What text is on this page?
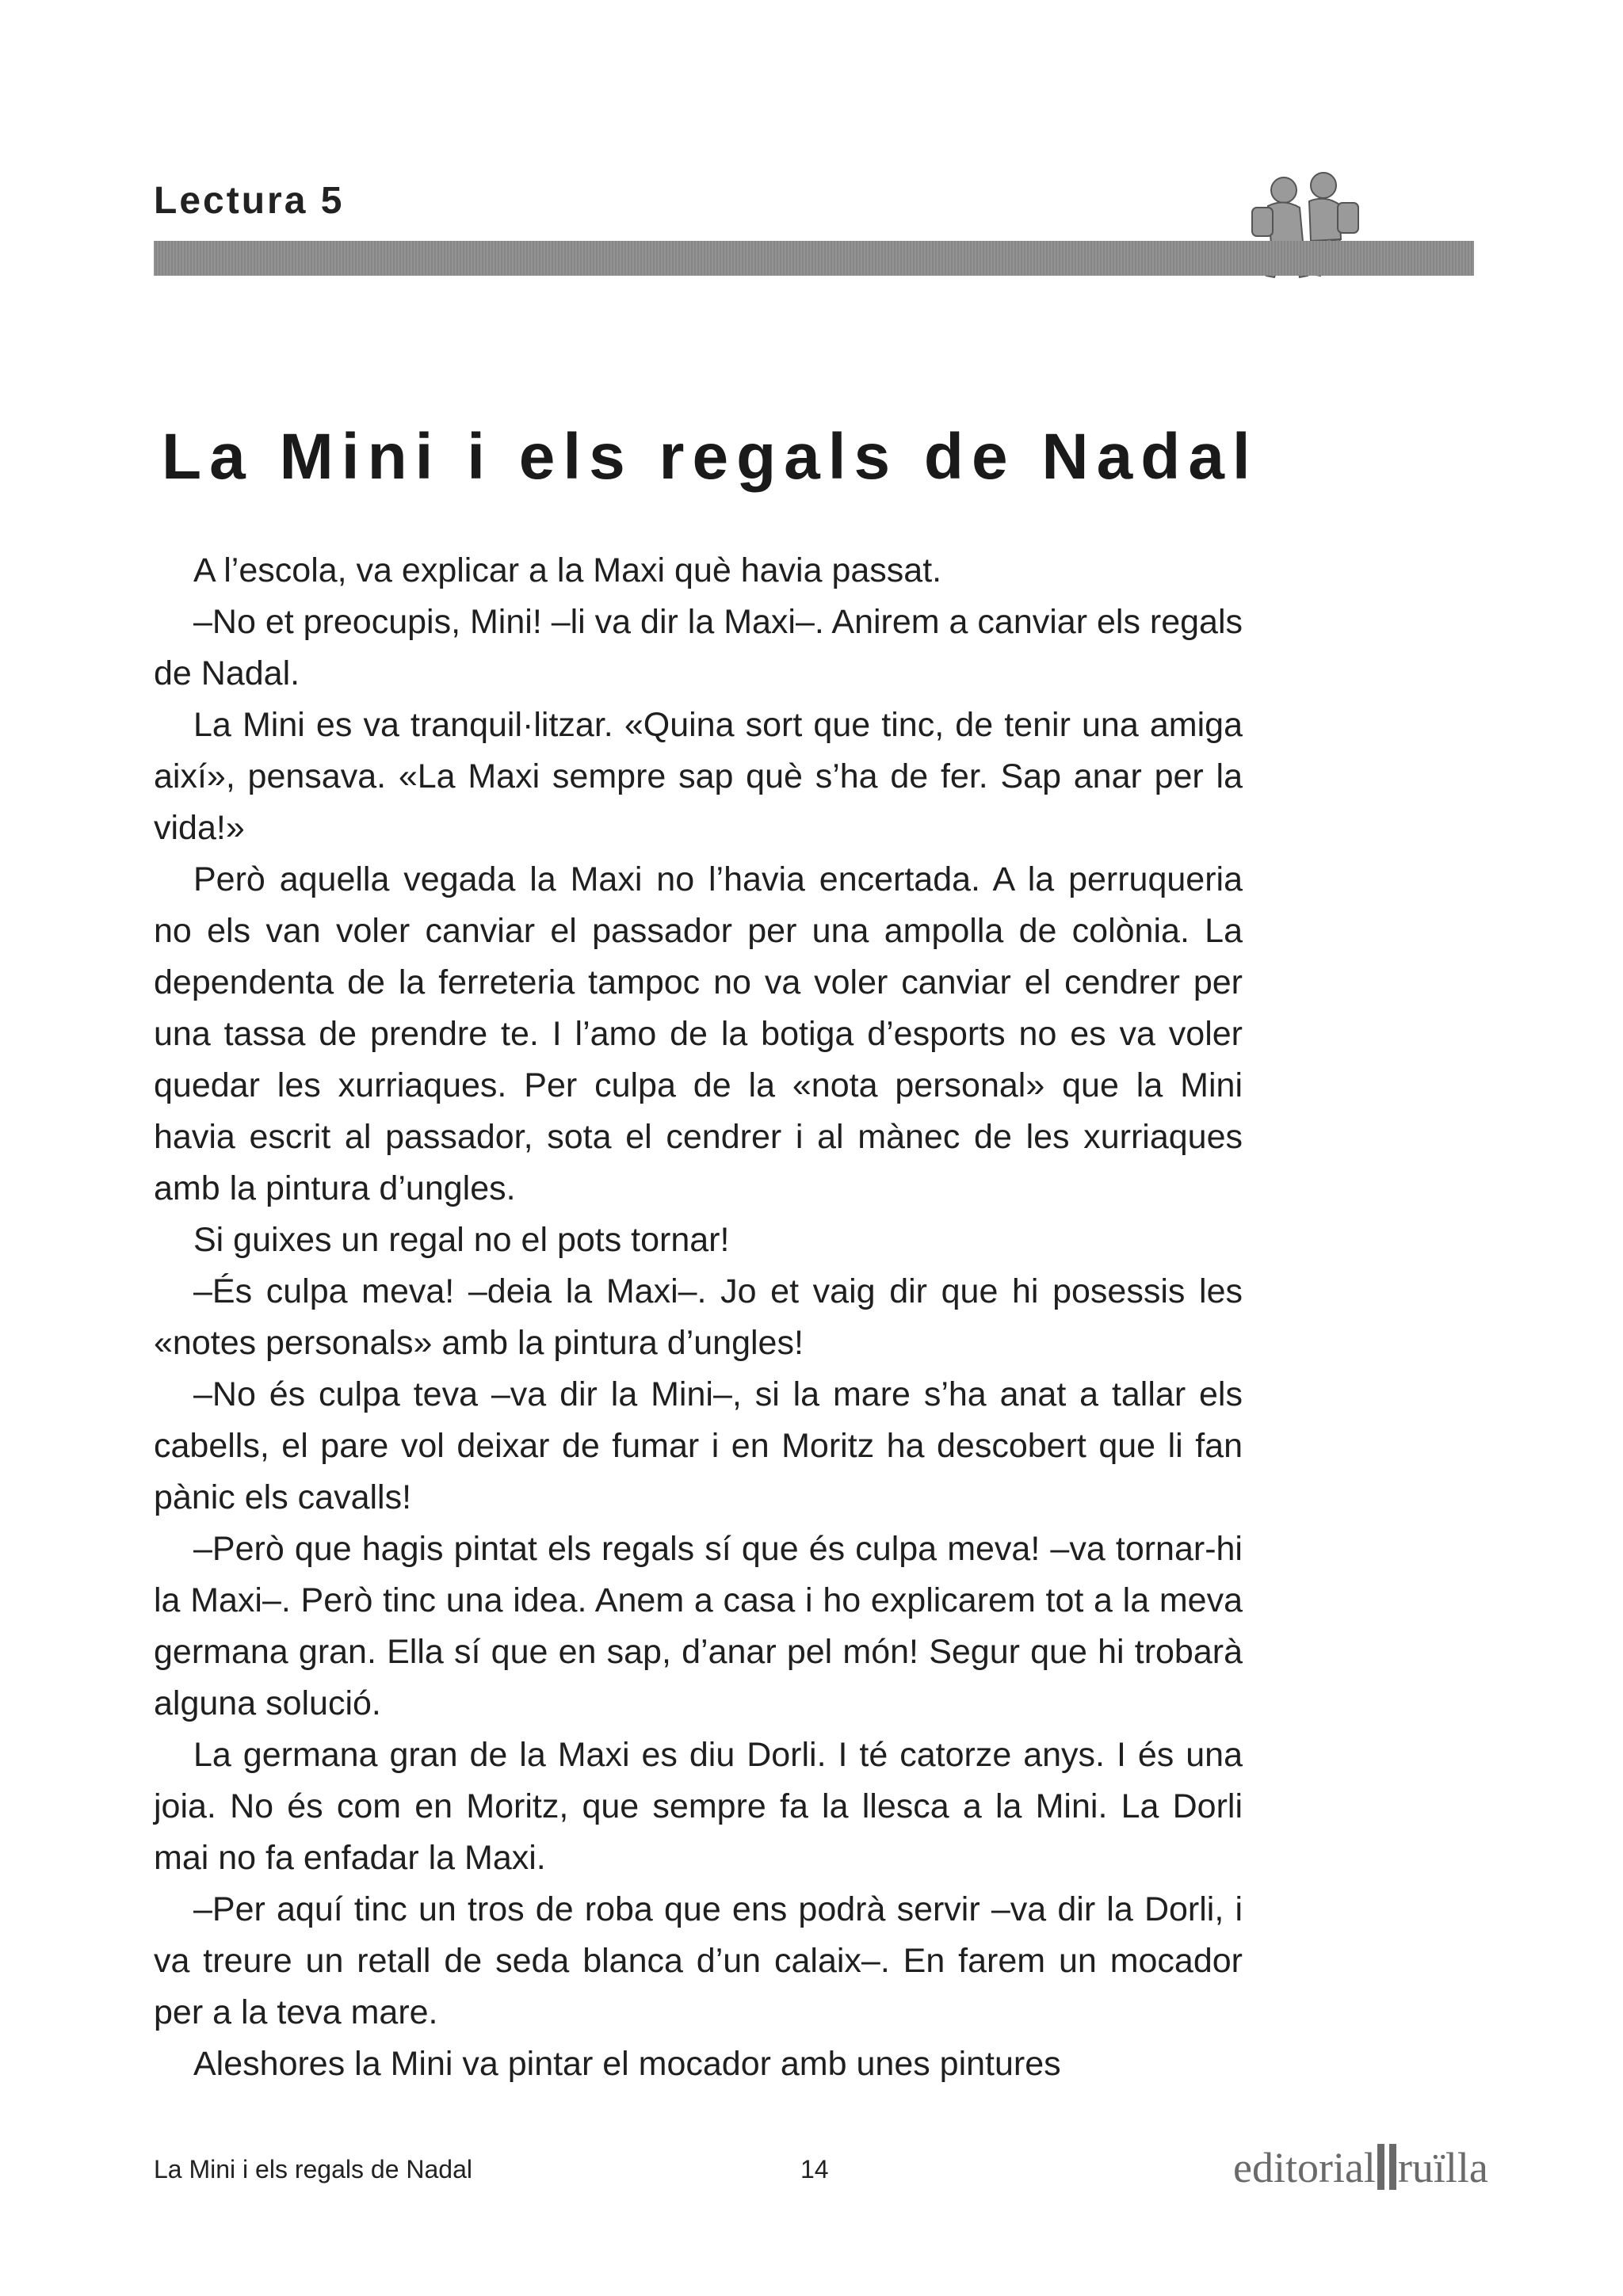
Lectura 5
La Mini i els regals de Nadal

A l’escola, va explicar a la Maxi què havia passat.

–No et preocupis, Mini! –li va dir la Maxi–. Anirem a canviar els regals de Nadal.

La Mini es va tranquil·litzar. «Quina sort que tinc, de tenir una amiga així», pensava. «La Maxi sempre sap què s’ha de fer. Sap anar per la vida!»

Però aquella vegada la Maxi no l’havia encertada. A la perruqueria no els van voler canviar el passador per una ampolla de colònia. La dependenta de la ferreteria tampoc no va voler canviar el cendrer per una tassa de prendre te. I l’amo de la botiga d’esports no es va voler quedar les xurriaques. Per culpa de la «nota personal» que la Mini havia escrit al passador, sota el cendrer i al mànec de les xurriaques amb la pintura d’ungles.

Si guixes un regal no el pots tornar!

–És culpa meva! –deia la Maxi–. Jo et vaig dir que hi posessis les «notes personals» amb la pintura d’ungles!

–No és culpa teva –va dir la Mini–, si la mare s’ha anat a tallar els cabells, el pare vol deixar de fumar i en Moritz ha descobert que li fan pànic els cavalls!

–Però que hagis pintat els regals sí que és culpa meva! –va tornar-hi la Maxi–. Però tinc una idea. Anem a casa i ho explicarem tot a la meva germana gran. Ella sí que en sap, d’anar pel món! Segur que hi trobarà alguna solució.

La germana gran de la Maxi es diu Dorli. I té catorze anys. I és una joia. No és com en Moritz, que sempre fa la llesca a la Mini. La Dorli mai no fa enfadar la Maxi.

–Per aquí tinc un tros de roba que ens podrà servir –va dir la Dorli, i va treure un retall de seda blanca d’un calaix–. En farem un mocador per a la teva mare.

Aleshores la Mini va pintar el mocador amb unes pintures

La Mini i els regals de Nadal	14	editorial ruïlla
